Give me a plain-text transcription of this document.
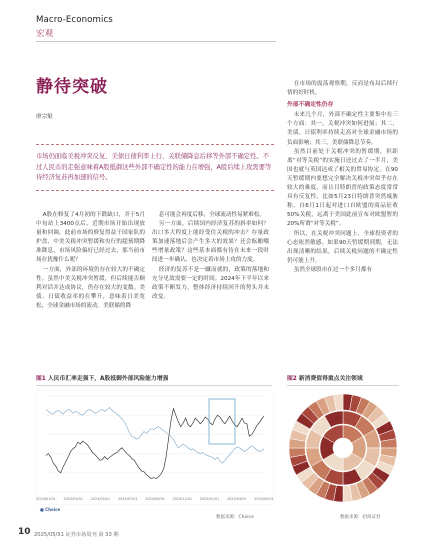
Macro-Economics
宏观
静待突破
廖宗魁
市场仍面临美税冲突反复、美债日债利率上行、关联储降息后移等外部不确定性。不过人民币的走强意味着A股抵御这些外部不确定性的能力在增强，A股后续上攻需要等待经济复苏再加速的信号。

A股在修复了4月初的下跌缺口，并于5月中旬站上3400点后，近期市场开始出现放量和回调。此前市场的修复得益于国家队的护盘、中美关税冲突暂缓和央行的超预期降准降息，市场风险偏好已经过去，那当前市场在犹豫什么呢？

一方面，外部的环境仍存在较大的不确定性。虽然中美关税冲突暂缓，但后续能否顺利对话并达成协议，仍存在较大的变数。美债、日债收益率的在攀升，意味着日美宽松，全球金融市场的流动。美联储的降

息可能会再度后移，全球流动性易紧难松。

另一方面，后续国内经济复苏的斜率如何？出口多大程度上能经受住关税的冲击？存量政策加速落地后会产生多大的效果？还会酝酿哪些增量政策？这些基本面都有待在未来一段时间进一步确认，也决定着市场上攻的力度。

经济的复苏不是一蹴而就的，政策的落地和充分见效需要一定的时间。2024年下半年以来政策不断发力，整体经济持续回升的势头并未改变。

在市场的震荡观察期，反而是布局后续行情的好时机。

外部不确定性仍存

未来几个月，外部不确定性主要集中在三个方面：其一，关税冲突如何进展；其二，美债、日债利率持续走高对全球金融市场的负面影响；其三，美联储降息节奏。

虽然目前处于关税冲突的暂缓期，但距离“对等关税”的实施日还过去了一半月，美国也就与英国达成了相关的贸易协定。在90天暂缓期内要想完全解决关税冲突似乎存在较大的难度。而且目特朗普的政策态度常常具有反复性，比如5月23日特朗普突然威胁称，自6月1日起对进口自欧盟的商品征收50%关税，远离于美国此前宣布对欧盟暂的20%所谓“对等关税”。

所以，在关税冲突问题上，全球投资者的心态依然敏感。如果90天暂缓期到期，无法出现清晰的结果，后续关税问题的不确定性仍可能上升。

虽然全球股市在过一个多月都有

图1 人民币汇率走强下，A股抵御外部风险能力增强
2024/01/01 2024/03/01 2024/05/01 2024/07/01 2024/09/01 2024/11/01 2025/01/01 2025/03/01 2025/05/01
■ Choice
数据来源：Choice
图2 新消费值得重点关注领域
数据来源：招商证券
10 2025/05/31 证券市场周刊 第 33 期
